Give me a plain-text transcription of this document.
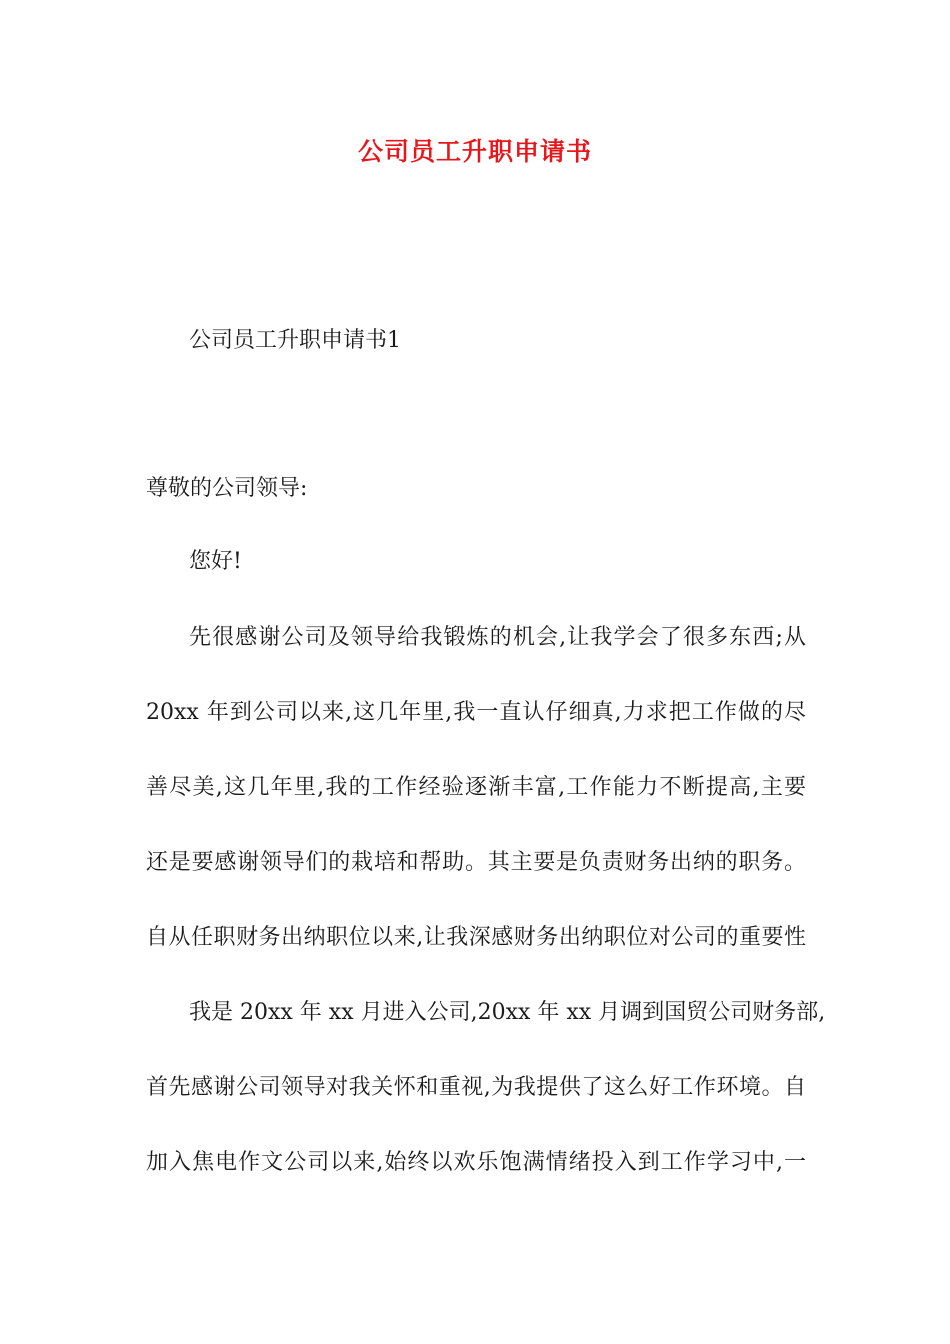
公司员工升职申请书

公司员工升职申请书1

尊敬的公司领导:

您好!

先很感谢公司及领导给我锻炼的机会,让我学会了很多东西;从

20xx 年到公司以来,这几年里,我一直认仔细真,力求把工作做的尽

善尽美,这几年里,我的工作经验逐渐丰富,工作能力不断提高,主要

还是要感谢领导们的栽培和帮助。其主要是负责财务出纳的职务。

自从任职财务出纳职位以来,让我深感财务出纳职位对公司的重要性

我是 20xx 年 xx 月进入公司,20xx 年 xx 月调到国贸公司财务部,

首先感谢公司领导对我关怀和重视,为我提供了这么好工作环境。自

加入焦电作文公司以来,始终以欢乐饱满情绪投入到工作学习中,一
